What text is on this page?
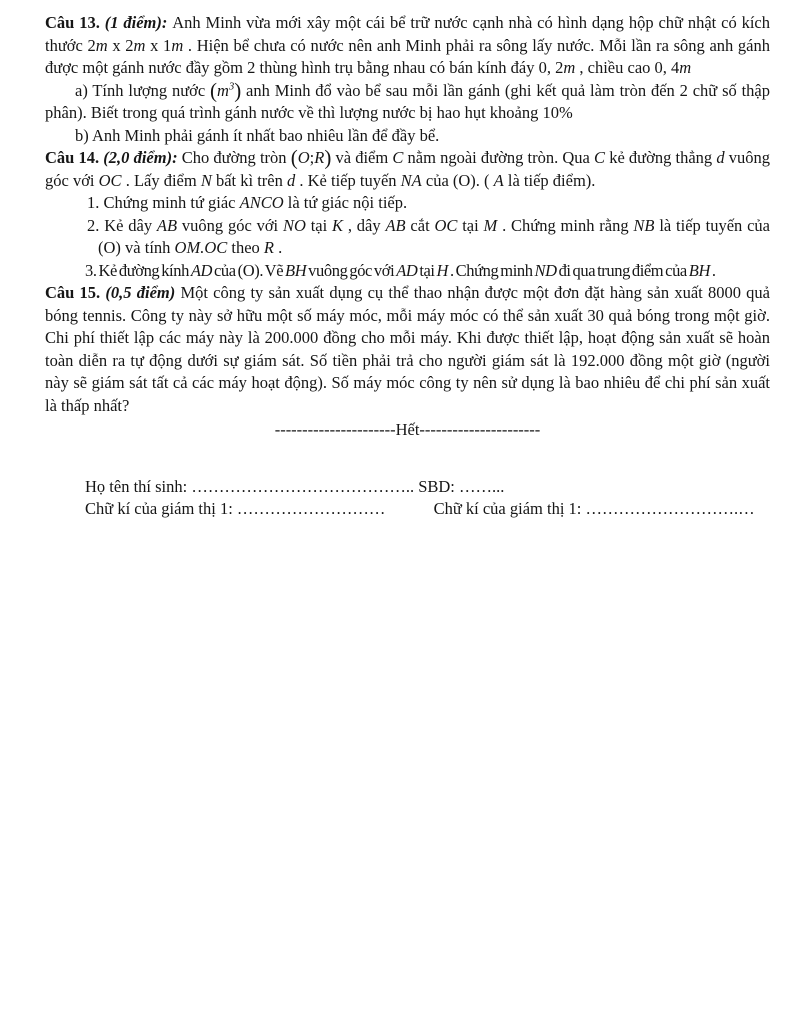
Câu 13. (1 điểm): Anh Minh vừa mới xây một cái bể trữ nước cạnh nhà có hình dạng hộp chữ nhật có kích thước 2m x 2m x 1m . Hiện bể chưa có nước nên anh Minh phải ra sông lấy nước. Mỗi lần ra sông anh gánh được một gánh nước đầy gồm 2 thùng hình trụ bằng nhau có bán kính đáy 0, 2m , chiều cao 0, 4m

a) Tính lượng nước $(m^3)$ anh Minh đổ vào bể sau mỗi lần gánh (ghi kết quả làm tròn đến 2 chữ số thập phân). Biết trong quá trình gánh nước về thì lượng nước bị hao hụt khoảng 10%

b) Anh Minh phải gánh ít nhất bao nhiêu lần để đầy bể.

Câu 14. (2,0 điểm): Cho đường tròn (O;R) và điểm C nằm ngoài đường tròn. Qua C kẻ đường thẳng d vuông góc với OC . Lấy điểm N bất kì trên d . Kẻ tiếp tuyến NA của (O). ( A là tiếp điểm).

1. Chứng minh tứ giác ANCO là tứ giác nội tiếp.

2. Kẻ dây AB vuông góc với NO tại K , dây AB cắt OC tại M . Chứng minh rằng NB là tiếp tuyến của (O) và tính OM.OC theo R .

3. Kẻ đường kính AD của (O). Vẽ BH vuông góc với AD tại H . Chứng minh ND đi qua trung điểm của BH .

Câu 15. (0,5 điểm) Một công ty sản xuất dụng cụ thể thao nhận được một đơn đặt hàng sản xuất 8000 quả bóng tennis. Công ty này sở hữu một số máy móc, mỗi máy móc có thể sản xuất 30 quả bóng trong một giờ. Chi phí thiết lập các máy này là 200.000 đồng cho mỗi máy. Khi được thiết lập, hoạt động sản xuất sẽ hoàn toàn diễn ra tự động dưới sự giám sát. Số tiền phải trả cho người giám sát là 192.000 đồng một giờ (người này sẽ giám sát tất cả các máy hoạt động). Số máy móc công ty nên sử dụng là bao nhiêu để chi phí sản xuất là thấp nhất?

----------------------Hết----------------------

Họ tên thí sinh: ………………………………….. SBD: ……...

Chữ kí của giám thị 1: ………………………	Chữ kí của giám thị 1: ……………………….…
